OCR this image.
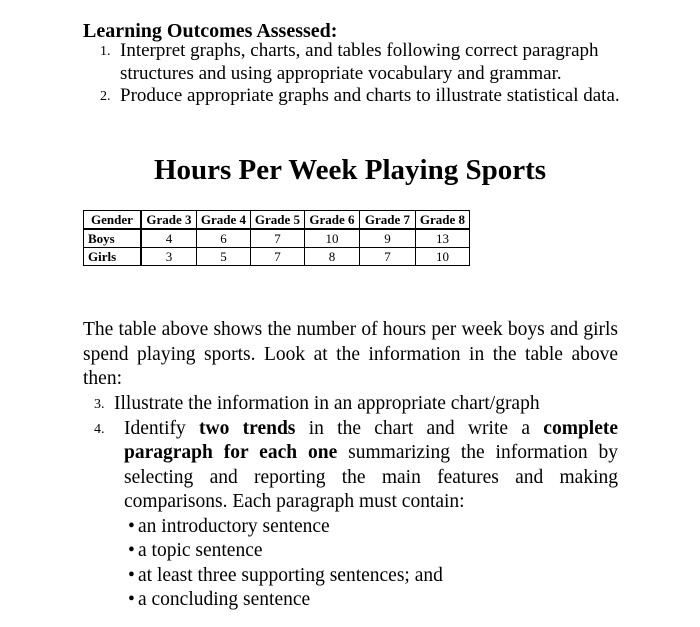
Learning Outcomes Assessed:
1. Interpret graphs, charts, and tables following correct paragraph structures and using appropriate vocabulary and grammar.
2. Produce appropriate graphs and charts to illustrate statistical data.
Hours Per Week Playing Sports
Gender	Grade 3	Grade 4	Grade 5	Grade 6	Grade 7	Grade 8
Boys	4	6	7	10	9	13
Girls	3	5	7	8	7	10

The table above shows the number of hours per week boys and girls spend playing sports. Look at the information in the table above then:

3. Illustrate the information in an appropriate chart/graph
4. Identify two trends in the chart and write a complete paragraph for each one summarizing the information by selecting and reporting the main features and making comparisons. Each paragraph must contain:
• an introductory sentence
• a topic sentence
• at least three supporting sentences; and
• a concluding sentence
